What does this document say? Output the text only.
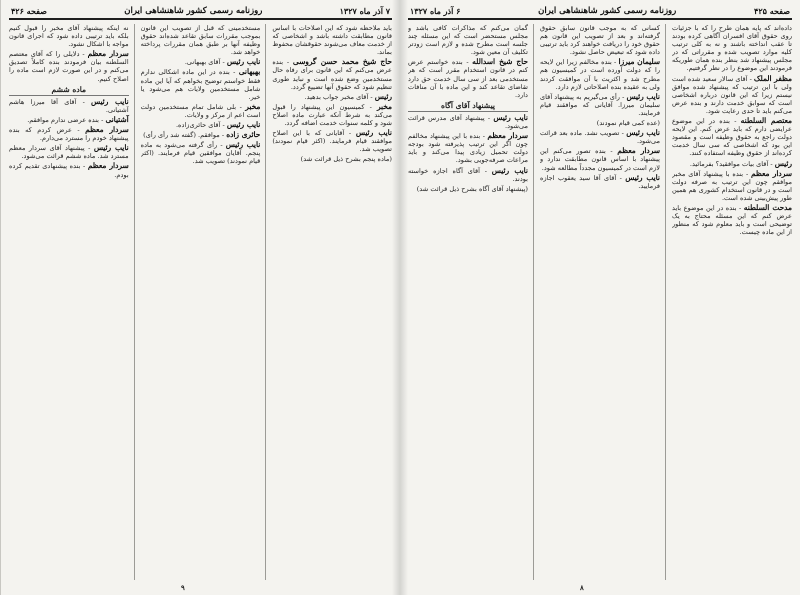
۷ آذر ماه ۱۳۲۷
روزنامه رسمی کشور شاهنشاهی ایران
صفحه ۴۲۶
باید ملاحظه شود که این اصلاحات با اساس قانون مطابقت داشته باشد و اشخاصی که از خدمت معاف می‌شوند حقوقشان محفوظ بماند.
حاج شیخ محمد حسن گروسی - بنده عرض می‌کنم که این قانون برای رفاه حال مستخدمین وضع شده است و نباید طوری تنظیم شود که حقوق آنها تضییع گردد.
رئیس - آقای مخبر جواب بدهید.
مخبر - کمیسیون این پیشنهاد را قبول می‌کند به شرط آنکه عبارت ماده اصلاح شود و کلمه سنوات خدمت اضافه گردد.
نایب رئیس - آقایانی که با این اصلاح موافقند قیام فرمایند. (اکثر قیام نمودند) تصویب شد.
(ماده پنجم بشرح ذیل قرائت شد)
مستخدمینی که قبل از تصویب این قانون بموجب مقررات سابق تقاعد شده‌اند حقوق وظیفه آنها بر طبق همان مقررات پرداخته خواهد شد.
نایب رئیس - آقای بهبهانی.
بهبهانی - بنده در این ماده اشکالی ندارم فقط خواستم توضیح بخواهم که آیا این ماده شامل مستخدمین ولایات هم می‌شود یا خیر.
مخبر - بلی شامل تمام مستخدمین دولت است اعم از مرکز و ولایات.
نایب رئیس - آقای حائری‌زاده.
حائری زاده - موافقم. (گفته شد رأی رأی)
نایب رئیس - رأی گرفته می‌شود به ماده پنجم. آقایان موافقین قیام فرمایند. (اکثر قیام نمودند) تصویب شد.
نه اینکه پیشنهاد آقای مخبر را قبول کنیم بلکه باید ترتیبی داده شود که اجرای قانون مواجه با اشکال نشود.
سردار معظم - دلایلی را که آقای معتصم السلطنه بیان فرمودند بنده کاملاً تصدیق می‌کنم و در این صورت لازم است ماده را اصلاح کنیم.
ماده ششم
نایب رئیس - آقای آقا میرزا هاشم آشتیانی.
آشتیانی - بنده عرضی ندارم موافقم.
سردار معظم - عرض کردم که بنده پیشنهاد خودم را مسترد می‌دارم.
نایب رئیس - پیشنهاد آقای سردار معظم مسترد شد. ماده ششم قرائت می‌شود.
سردار معظم - بنده پیشنهادی تقدیم کرده بودم.
۹
صفحه ۴۲۵
روزنامه رسمی کشور شاهنشاهی ایران
۶ آذر ماه ۱۳۲۷
داده‌اند که پایه همان طرح را که با جزئیات روی حقوق آقای افسران آگاهی کرده بودند تا عقب انداخته باشند و نه به کلی ترتیب کلیه موارد تصویب شده و مقرراتی که در مجلس پیشنهاد شد بنظر بنده همان طوریکه فرمودند این موضوع را در نظر گرفتیم.
مظفر الملک - آقای سالار سعید شده است ولی با این ترتیب که پیشنهاد شده موافق نیستم زیرا که این قانون درباره اشخاصی است که سوابق خدمت دارند و بنده عرض می‌کنم باید تا حدی رعایت شود.
معتصم السلطنه - بنده در این موضوع عرایضی دارم که باید عرض کنم. این لایحه دولت راجع به حقوق وظیفه است و مقصود این بود که اشخاصی که سی سال خدمت کرده‌اند از حقوق وظیفه استفاده کنند.
رئیس - آقای بیات موافقید؟ بفرمائید.
سردار معظم - بنده با پیشنهاد آقای مخبر موافقم چون این ترتیب به صرفه دولت است و در قانون استخدام کشوری هم همین طور پیش‌بینی شده است.
مدحت السلطنه - بنده در این موضوع باید عرض کنم که این مسئله محتاج به یک توضیحی است و باید معلوم شود که منظور از این ماده چیست.
کسانی که به موجب قانون سابق حقوق گرفته‌اند و بعد از تصویب این قانون هم حقوق خود را دریافت خواهند کرد باید ترتیبی داده شود که تبعیض حاصل نشود.
سلیمان میرزا - بنده مخالفم زیرا این لایحه را که دولت آورده است در کمیسیون هم مطرح شد و اکثریت با آن موافقت کردند ولی به عقیده بنده اصلاحاتی لازم دارد.
نایب رئیس - رأی می‌گیریم به پیشنهاد آقای سلیمان میرزا. آقایانی که موافقند قیام فرمایند.
(عده کمی قیام نمودند)
نایب رئیس - تصویب نشد. ماده بعد قرائت می‌شود.
سردار معظم - بنده تصور می‌کنم این پیشنهاد با اساس قانون مطابقت ندارد و لازم است در کمیسیون مجدداً مطالعه شود.
نایب رئیس - آقای آقا سید یعقوب اجازه فرمایید.
گمان می‌کنم که مذاکرات کافی باشد و مجلس مستحضر است که این مسئله چند جلسه است مطرح شده و لازم است زودتر تکلیف آن معین شود.
حاج شیخ اسدالله - بنده خواستم عرض کنم در قانون استخدام مقرر است که هر مستخدمی بعد از سی سال خدمت حق دارد تقاضای تقاعد کند و این ماده با آن منافات دارد.
پیشنهاد آقای آگاه
نایب رئیس - پیشنهاد آقای مدرس قرائت می‌شود.
سردار معظم - بنده با این پیشنهاد مخالفم چون اگر این ترتیب پذیرفته شود بودجه دولت تحمیل زیادی پیدا می‌کند و باید مراعات صرفه‌جویی بشود.
نایب رئیس - آقای آگاه اجازه خواسته بودند.
(پیشنهاد آقای آگاه بشرح ذیل قرائت شد)
۸
